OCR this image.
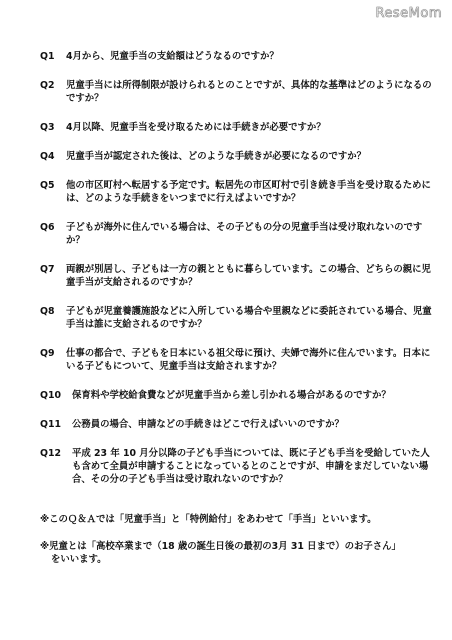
ReseMom
Q1	4月から、児童手当の支給額はどうなるのですか？
Q2	児童手当には所得制限が設けられるとのことですが、具体的な基準はどのようになるのですか？
Q3	4月以降、児童手当を受け取るためには手続きが必要ですか？
Q4	児童手当が認定された後は、どのような手続きが必要になるのですか？
Q5	他の市区町村へ転居する予定です。転居先の市区町村で引き続き手当を受け取るためには、どのような手続きをいつまでに行えばよいですか？
Q6	子どもが海外に住んでいる場合は、その子どもの分の児童手当は受け取れないのですか？
Q7	両親が別居し、子どもは一方の親とともに暮らしています。この場合、どちらの親に児童手当が支給されるのですか？
Q8	子どもが児童養護施設などに入所している場合や里親などに委託されている場合、児童手当は誰に支給されるのですか？
Q9	仕事の都合で、子どもを日本にいる祖父母に預け、夫婦で海外に住んでいます。日本にいる子どもについて、児童手当は支給されますか？
Q10	保育料や学校給食費などが児童手当から差し引かれる場合があるのですか？
Q11	公務員の場合、申請などの手続きはどこで行えばいいのですか？
Q12	平成 23 年 10 月分以降の子ども手当については、既に子ども手当を受給していた人も含めて全員が申請することになっているとのことですが、申請をまだしていない場合、その分の子ども手当は受け取れないのですか？
※このＱ＆Ａでは「児童手当」と「特例給付」をあわせて「手当」といいます。
※児童とは「高校卒業まで（18 歳の誕生日後の最初の3月 31 日まで）のお子さん」
をいいます。
